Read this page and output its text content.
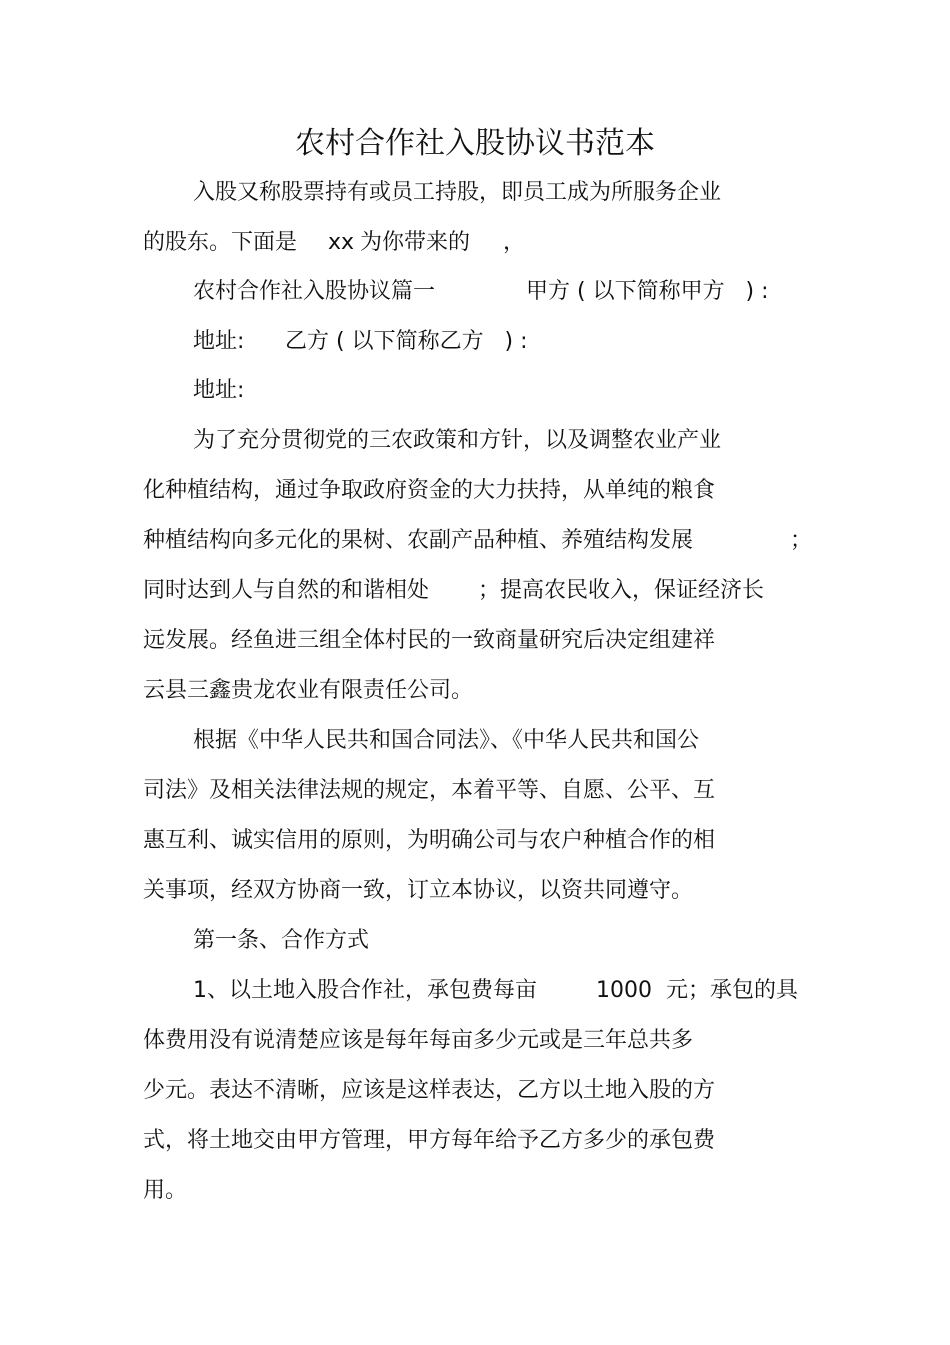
农村合作社入股协议书范本
入股又称股票持有或员工持股，即员工成为所服务企业
的股东。下面是 xx 为你带来的 ，
农村合作社入股协议篇一	甲方 ( 以下简称甲方   ) :
地址: 乙方 ( 以下简称乙方   ) :
地址:
为了充分贯彻党的三农政策和方针，以及调整农业产业
化种植结构，通过争取政府资金的大力扶持，从单纯的粮食
种植结构向多元化的果树、农副产品种植、养殖结构发展	；
同时达到人与自然的和谐相处 ；提高农民收入，保证经济长
远发展。经鱼进三组全体村民的一致商量研究后决定组建祥
云县三鑫贵龙农业有限责任公司。
根据《中华人民共和国合同法》、《中华人民共和国公
司法》及相关法律法规的规定，本着平等、自愿、公平、互
惠互利、诚实信用的原则，为明确公司与农户种植合作的相
关事项，经双方协商一致，订立本协议，以资共同遵守。
第一条、合作方式
1、以土地入股合作社，承包费每亩	1000 元；承包的具
体费用没有说清楚应该是每年每亩多少元或是三年总共多
少元。表达不清晰，应该是这样表达，乙方以土地入股的方
式，将土地交由甲方管理，甲方每年给予乙方多少的承包费
用。
